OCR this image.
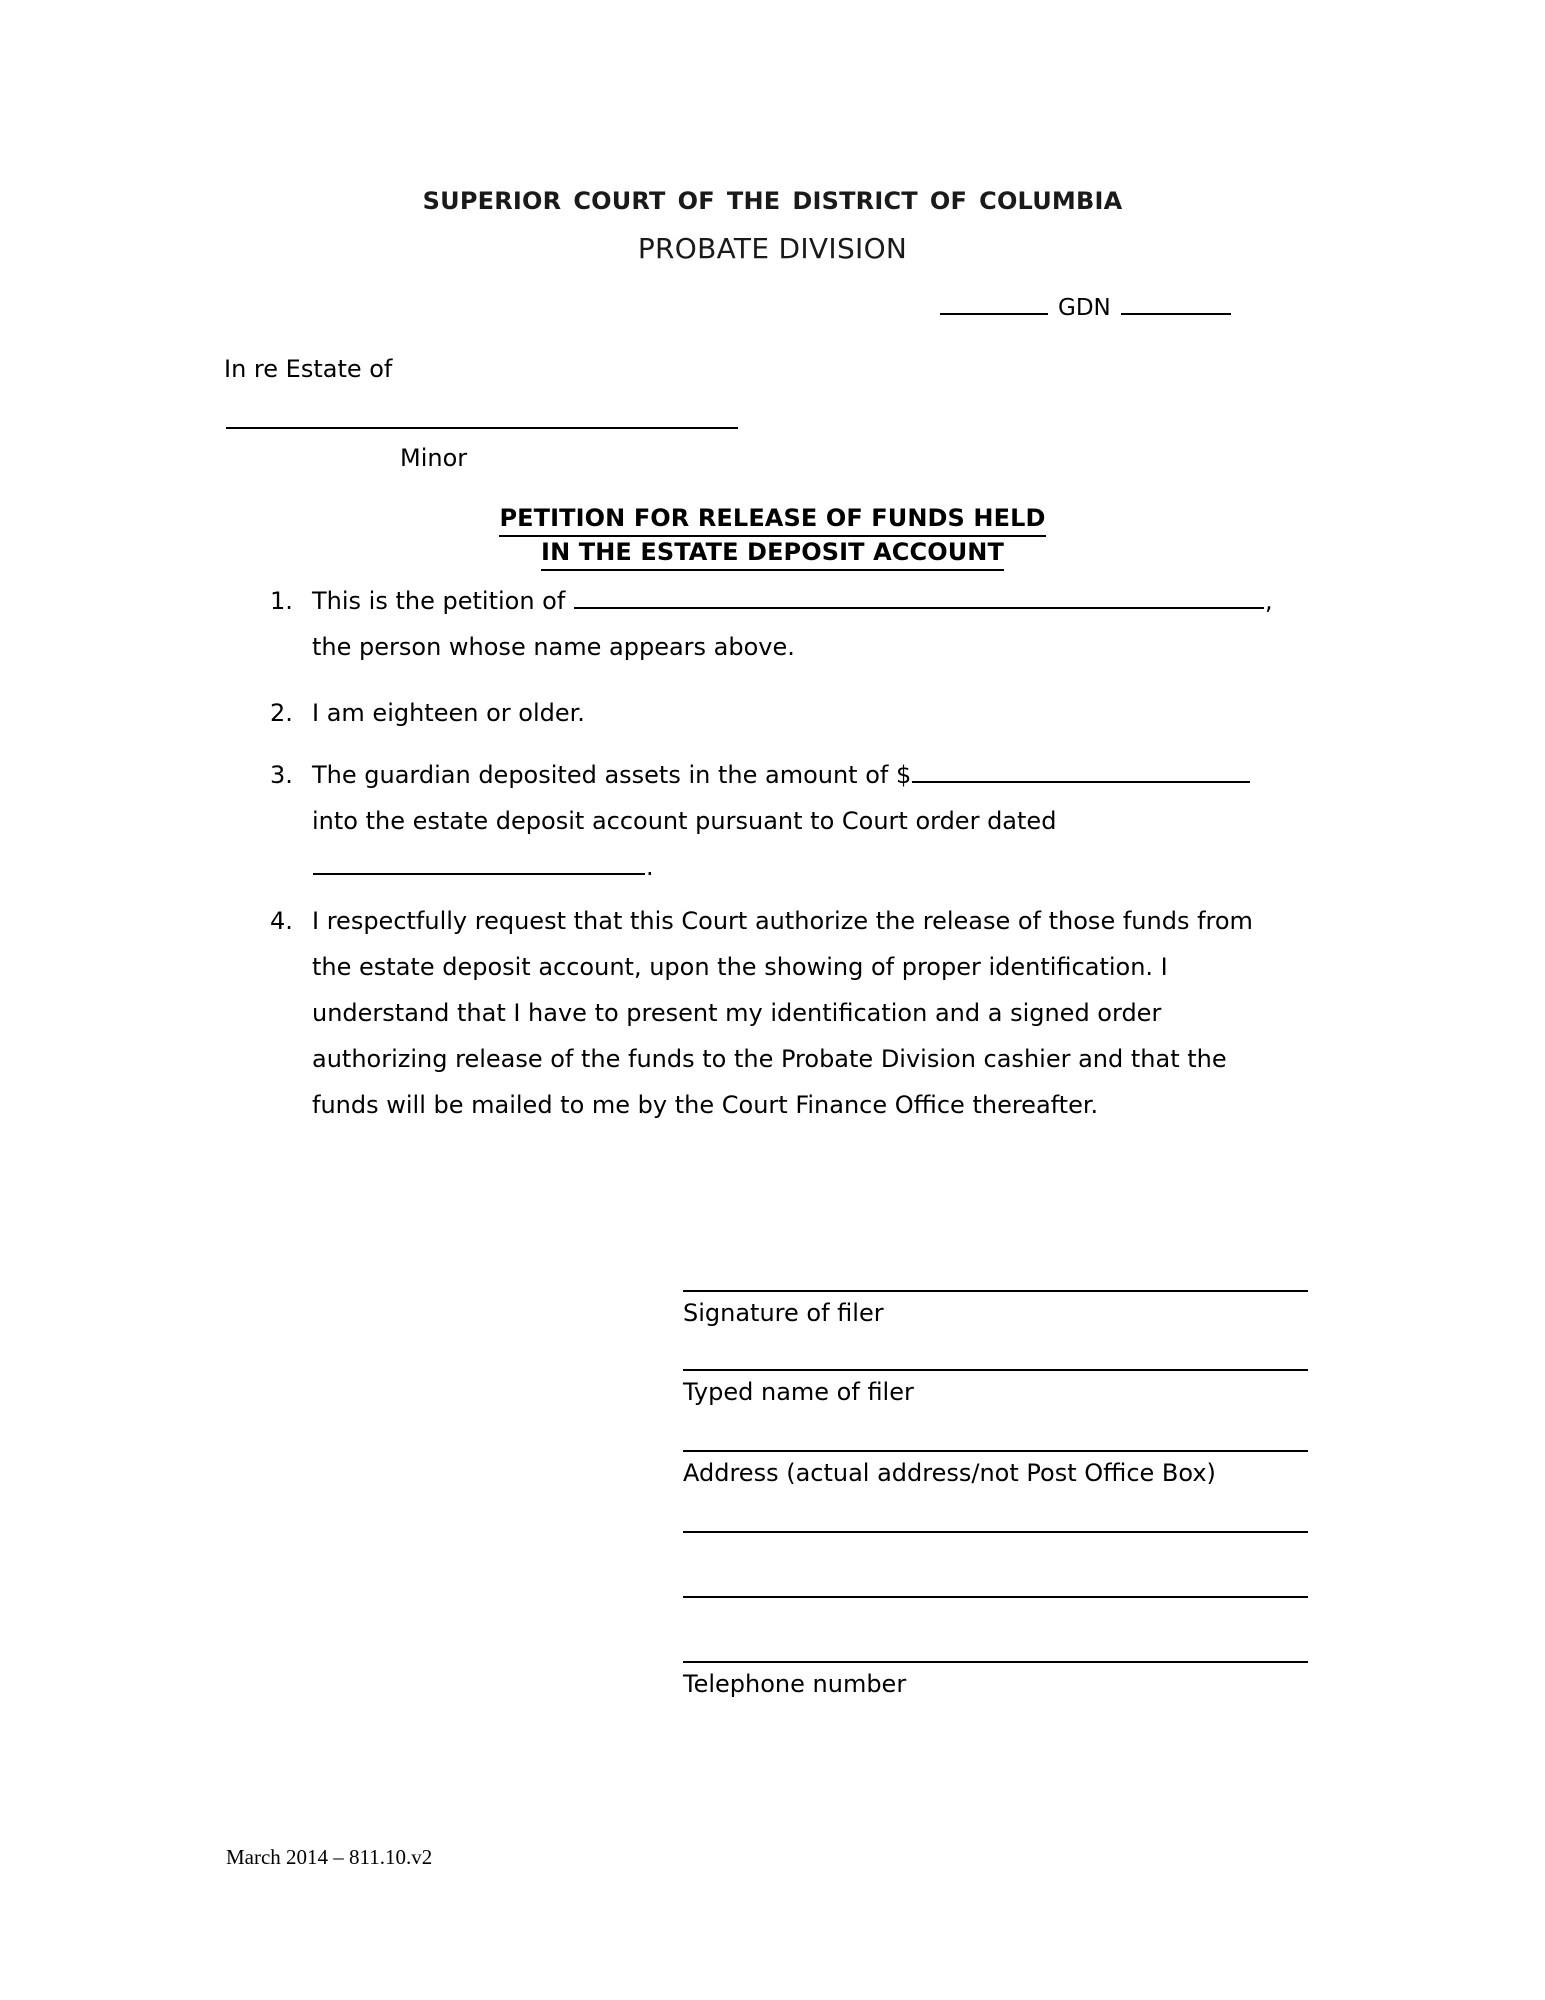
superior court of the district of columbia
PROBATE DIVISION
GDN
In re Estate of
Minor
PETITION FOR RELEASE OF FUNDS HELD
IN THE ESTATE DEPOSIT ACCOUNT
1. This is the petition of	,

the person whose name appears above.

2. I am eighteen or older.

3. The guardian deposited assets in the amount of $

into the estate deposit account pursuant to Court order dated

.

4. I respectfully request that this Court authorize the release of those funds from

the estate deposit account, upon the showing of proper identification. I

understand that I have to present my identification and a signed order

authorizing release of the funds to the Probate Division cashier and that the

funds will be mailed to me by the Court Finance Office thereafter.

Signature of filer
Typed name of filer
Address (actual address/not Post Office Box)
Telephone number
March 2014 – 811.10.v2
